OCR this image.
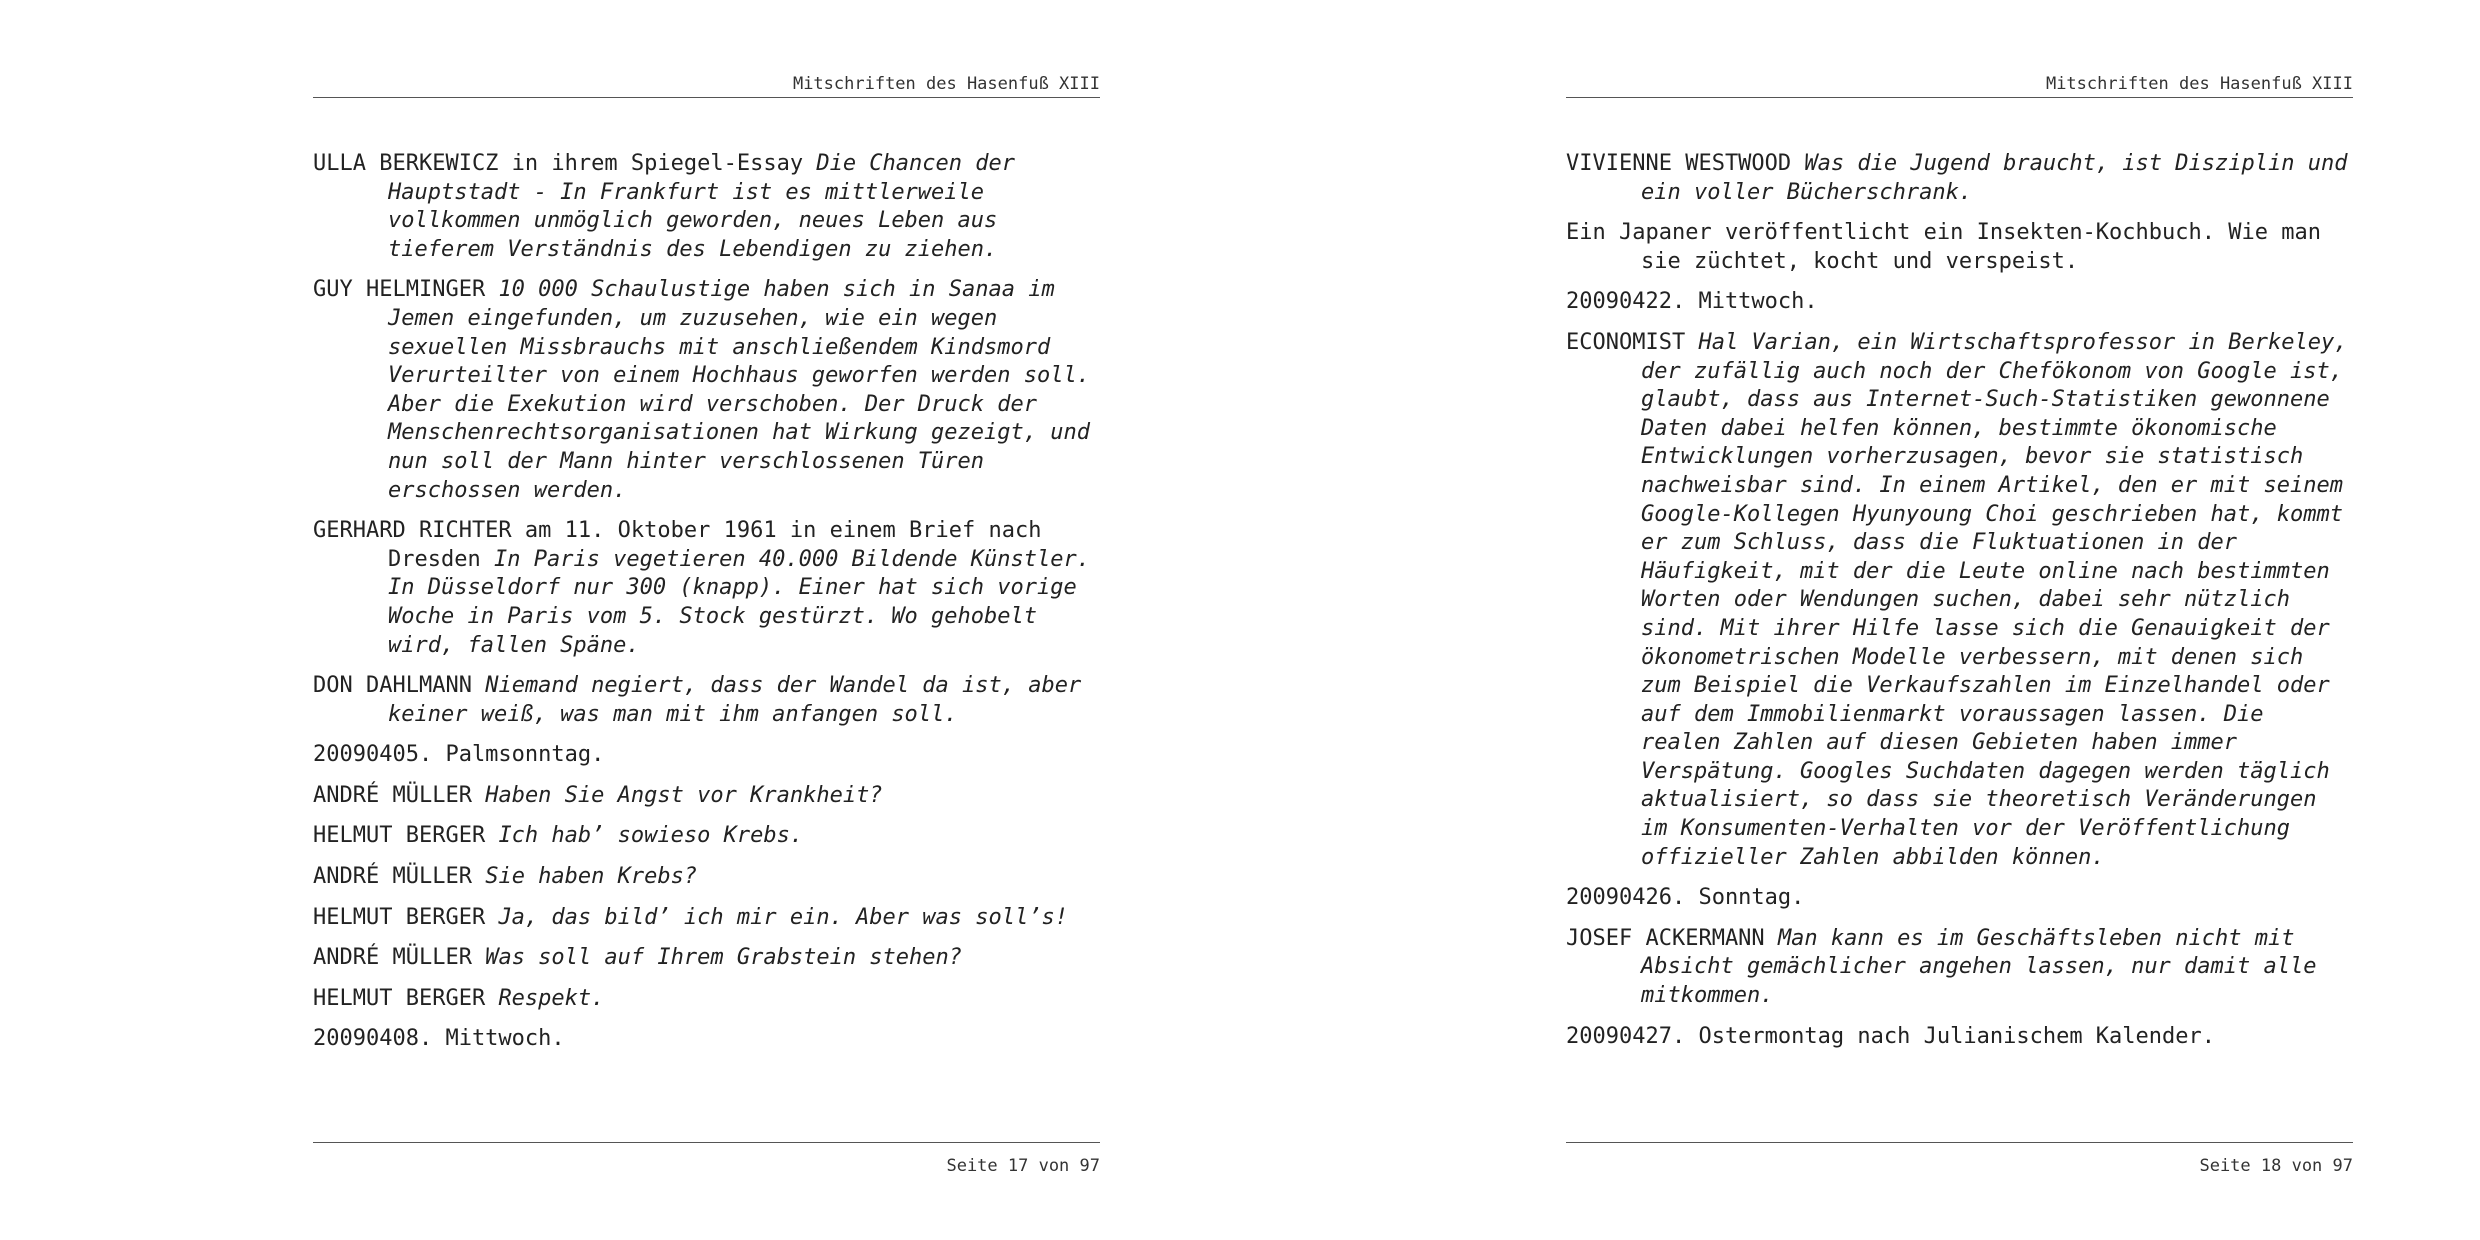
Mitschriften des Hasenfuß XIII

ULLA BERKEWICZ in ihrem Spiegel-Essay Die Chancen der Hauptstadt - In Frankfurt ist es mittlerweile vollkommen unmöglich geworden, neues Leben aus tieferem Verständnis des Lebendigen zu ziehen.

GUY HELMINGER 10 000 Schaulustige haben sich in Sanaa im Jemen eingefunden, um zuzusehen, wie ein wegen sexuellen Missbrauchs mit anschließendem Kindsmord Verurteilter von einem Hochhaus geworfen werden soll. Aber die Exekution wird verschoben. Der Druck der Menschenrechtsorganisationen hat Wirkung gezeigt, und nun soll der Mann hinter verschlossenen Türen erschossen werden.

GERHARD RICHTER am 11. Oktober 1961 in einem Brief nach Dresden In Paris vegetieren 40.000 Bildende Künstler. In Düsseldorf nur 300 (knapp). Einer hat sich vorige Woche in Paris vom 5. Stock gestürzt. Wo gehobelt wird, fallen Späne.

DON DAHLMANN Niemand negiert, dass der Wandel da ist, aber keiner weiß, was man mit ihm anfangen soll.

20090405. Palmsonntag.

ANDRÉ MÜLLER Haben Sie Angst vor Krankheit?

HELMUT BERGER Ich hab’ sowieso Krebs.

ANDRÉ MÜLLER Sie haben Krebs?

HELMUT BERGER Ja, das bild’ ich mir ein. Aber was soll’s!

ANDRÉ MÜLLER Was soll auf Ihrem Grabstein stehen?

HELMUT BERGER Respekt.

20090408. Mittwoch.

Seite 17 von 97
Mitschriften des Hasenfuß XIII

VIVIENNE WESTWOOD Was die Jugend braucht, ist Disziplin und ein voller Bücherschrank.

Ein Japaner veröffentlicht ein Insekten-Kochbuch. Wie man sie züchtet, kocht und verspeist.

20090422. Mittwoch.

ECONOMIST Hal Varian, ein Wirtschaftsprofessor in Berkeley, der zufällig auch noch der Chefökonom von Google ist, glaubt, dass aus Internet-Such-Statistiken gewonnene Daten dabei helfen können, bestimmte ökonomische Entwicklungen vorherzusagen, bevor sie statistisch nachweisbar sind. In einem Artikel, den er mit seinem Google-Kollegen Hyunyoung Choi geschrieben hat, kommt er zum Schluss, dass die Fluktuationen in der Häufigkeit, mit der die Leute online nach bestimmten Worten oder Wendungen suchen, dabei sehr nützlich sind. Mit ihrer Hilfe lasse sich die Genauigkeit der ökonometrischen Modelle verbessern, mit denen sich zum Beispiel die Verkaufszahlen im Einzelhandel oder auf dem Immobilienmarkt voraussagen lassen. Die realen Zahlen auf diesen Gebieten haben immer Verspätung. Googles Suchdaten dagegen werden täglich aktualisiert, so dass sie theoretisch Veränderungen im Konsumenten-Verhalten vor der Veröffentlichung offizieller Zahlen abbilden können.

20090426. Sonntag.

JOSEF ACKERMANN Man kann es im Geschäftsleben nicht mit Absicht gemächlicher angehen lassen, nur damit alle mitkommen.

20090427. Ostermontag nach Julianischem Kalender.

Seite 18 von 97
